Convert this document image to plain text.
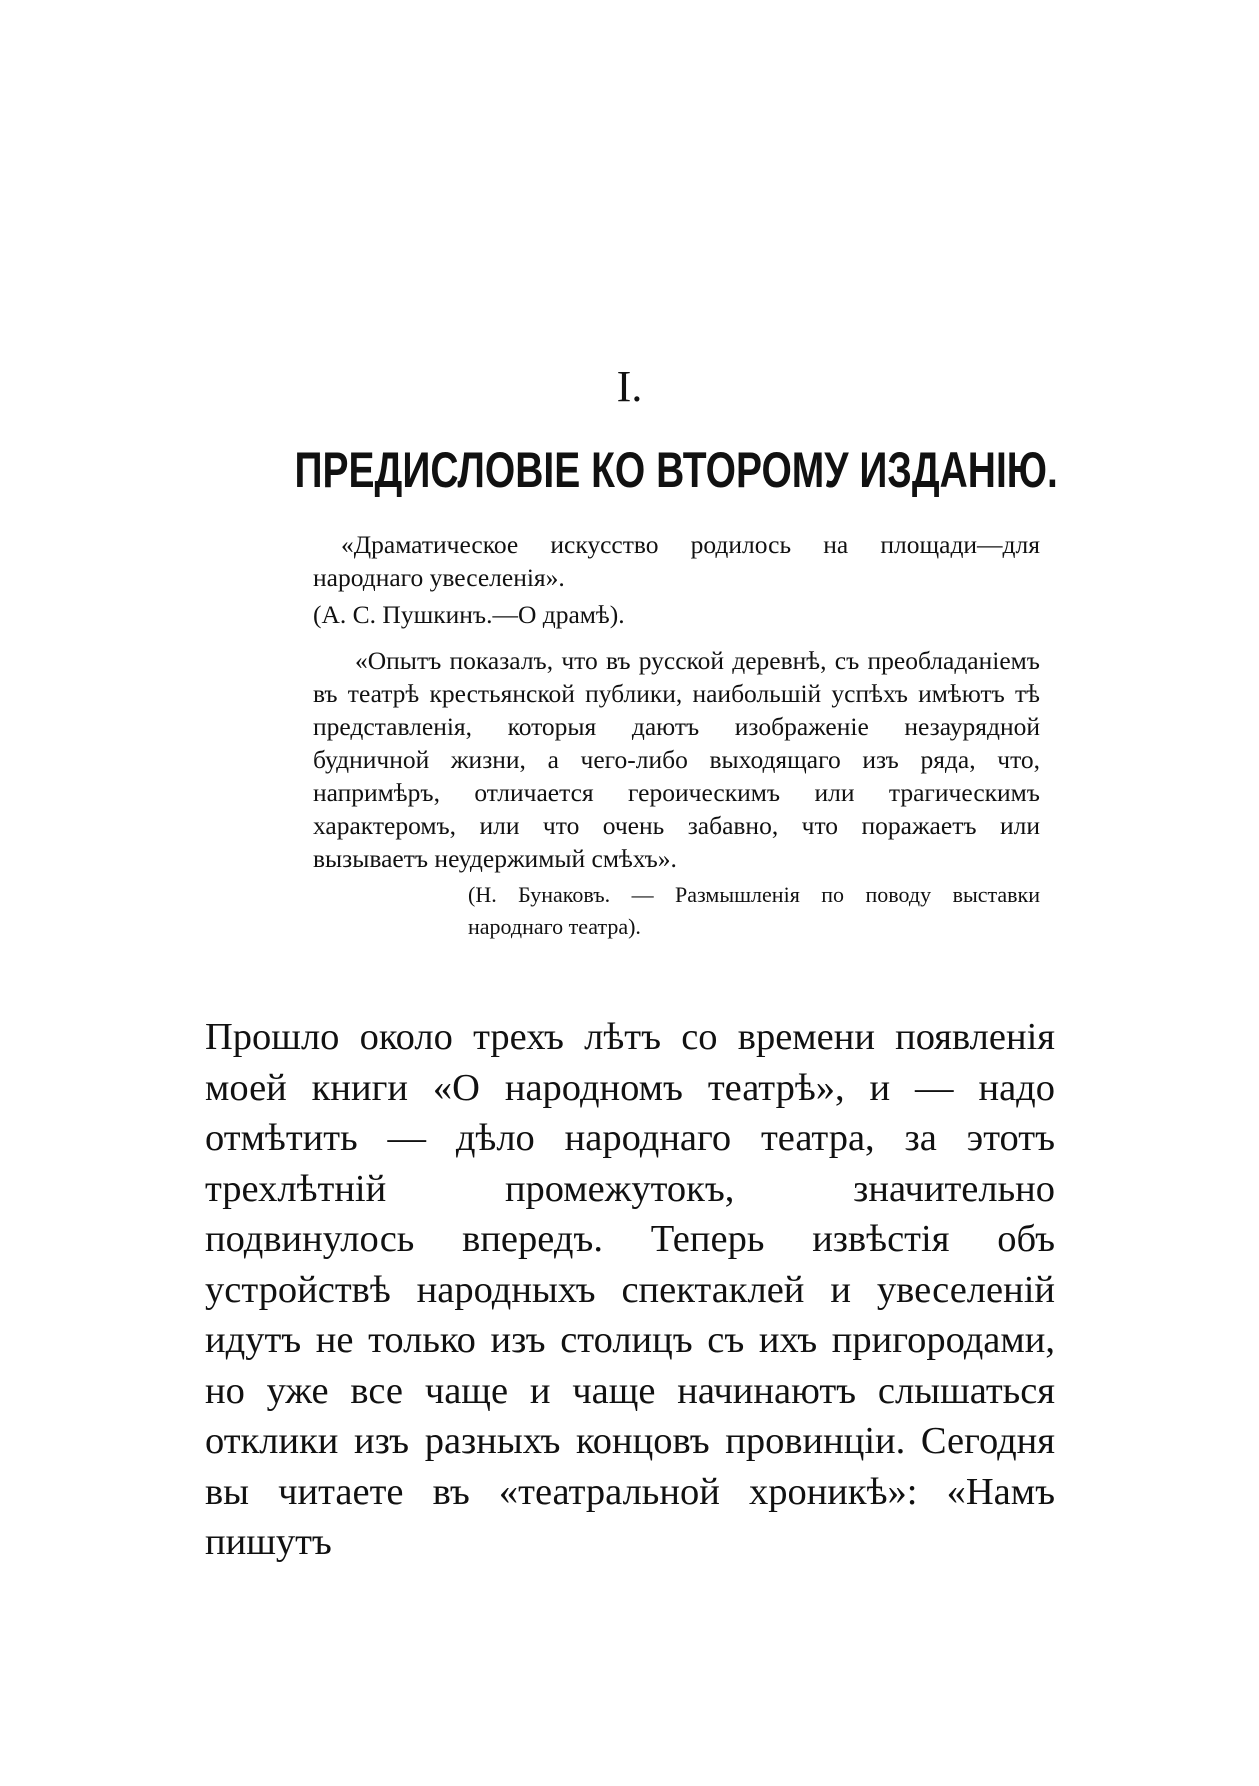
I.
ПРЕДИСЛОВІЕ КО ВТОРОМУ ИЗДАНІЮ.

«Драматическое искусство родилось на площади—для народнаго увеселенія».

(А. С. Пушкинъ.—О драмѣ).

«Опытъ показалъ, что въ русской деревнѣ, съ преобладаніемъ въ театрѣ крестьянской публики, наибольшій успѣхъ имѣютъ тѣ представленія, которыя даютъ изображеніе незаурядной будничной жизни, а чего-либо выходящаго изъ ряда, что, напримѣръ, отличается героическимъ или трагическимъ характеромъ, или что очень забавно, что поражаетъ или вызываетъ неудержимый смѣхъ».

(Н. Бунаковъ. — Размышленія по поводу выставки народнаго театра).

Прошло около трехъ лѣтъ со времени появленія моей книги «О народномъ театрѣ», и — надо отмѣтить — дѣло народнаго театра, за этотъ трехлѣтній промежутокъ, значительно подвинулось впередъ. Теперь извѣстія объ устройствѣ народныхъ спектаклей и увеселеній идутъ не только изъ столицъ съ ихъ пригородами, но уже все чаще и чаще начинаютъ слышаться отклики изъ разныхъ концовъ провинціи. Сегодня вы читаете въ «театральной хроникѣ»: «Намъ пишутъ
